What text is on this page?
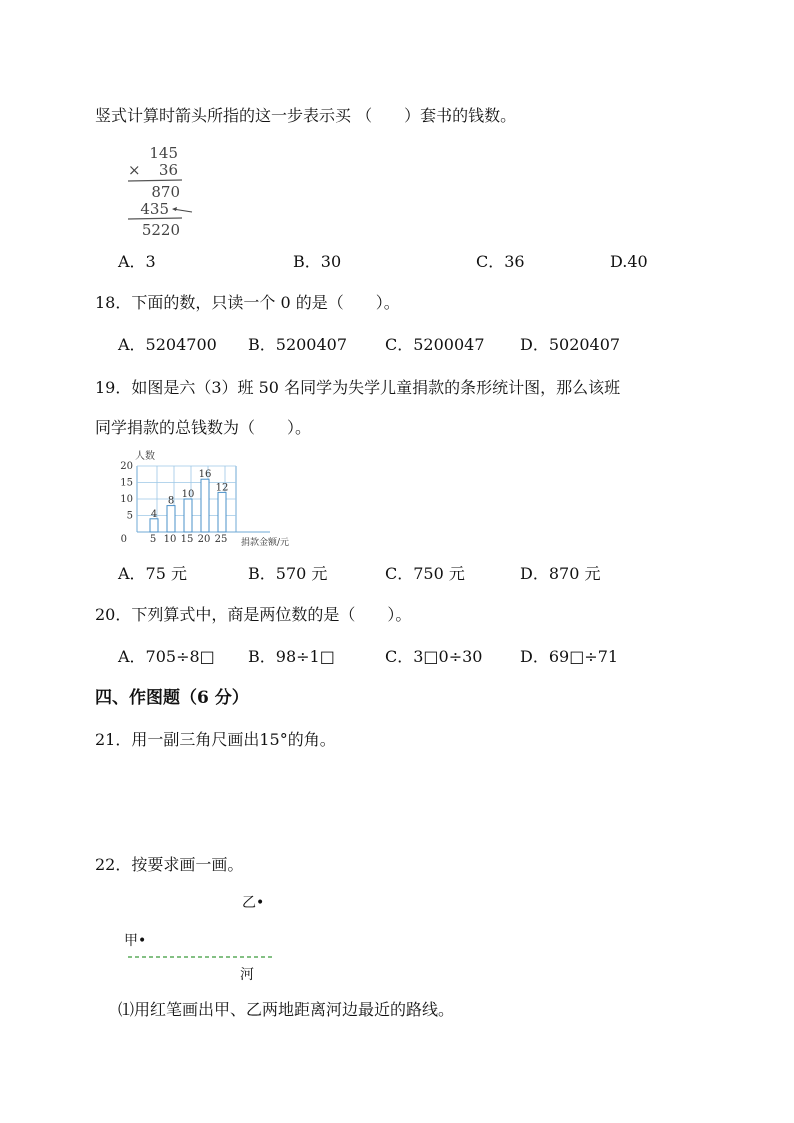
竖式计算时箭头所指的这一步表示买 （　　）套书的钱数。
145
× 36
870
435
5220
A．3	B．30	C．36	D.40
18．下面的数，只读一个 0 的是（　　）。
A．5204700 B．5200407 C．5200047 D．5020407
19．如图是六（3）班 50 名同学为失学儿童捐款的条形统计图，那么该班
同学捐款的总钱数为（　　）。
人数
捐款金额/元
0
5
10
15
20
5
4
10
8
15
10
20
16
25
12
A．75 元	B．570 元	C．750 元	D．870 元
20．下列算式中，商是两位数的是（　　）。
A．705÷8□ B．98÷1□	C．3□0÷30 D．69□÷71
四、作图题（6 分）
21．用一副三角尺画出15°的角。
22．按要求画一画。
乙•
甲•
河
⑴用红笔画出甲、乙两地距离河边最近的路线。
